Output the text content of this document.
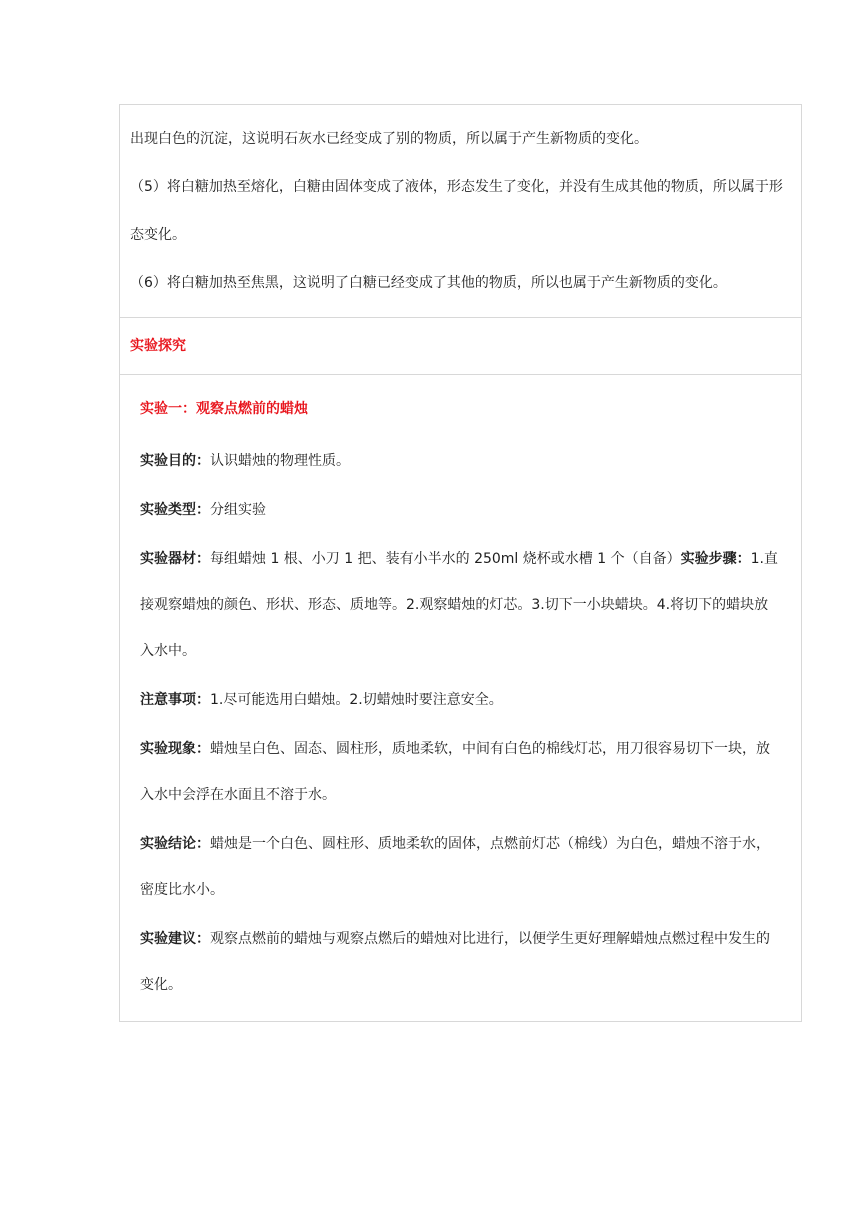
出现白色的沉淀，这说明石灰水已经变成了别的物质，所以属于产生新物质的变化。

（5）将白糖加热至熔化，白糖由固体变成了液体，形态发生了变化，并没有生成其他的物质，所以属于形态变化。

（6）将白糖加热至焦黑，这说明了白糖已经变成了其他的物质，所以也属于产生新物质的变化。

实验探究

实验一：观察点燃前的蜡烛

实验目的：认识蜡烛的物理性质。

实验类型：分组实验

实验器材：每组蜡烛 1 根、小刀 1 把、装有小半水的 250ml 烧杯或水槽 1 个（自备）实验步骤：1.直接观察蜡烛的颜色、形状、形态、质地等。2.观察蜡烛的灯芯。3.切下一小块蜡块。4.将切下的蜡块放入水中。

注意事项：1.尽可能选用白蜡烛。2.切蜡烛时要注意安全。

实验现象：蜡烛呈白色、固态、圆柱形，质地柔软，中间有白色的棉线灯芯，用刀很容易切下一块，放入水中会浮在水面且不溶于水。

实验结论：蜡烛是一个白色、圆柱形、质地柔软的固体，点燃前灯芯（棉线）为白色，蜡烛不溶于水，密度比水小。

实验建议：观察点燃前的蜡烛与观察点燃后的蜡烛对比进行，以便学生更好理解蜡烛点燃过程中发生的变化。
